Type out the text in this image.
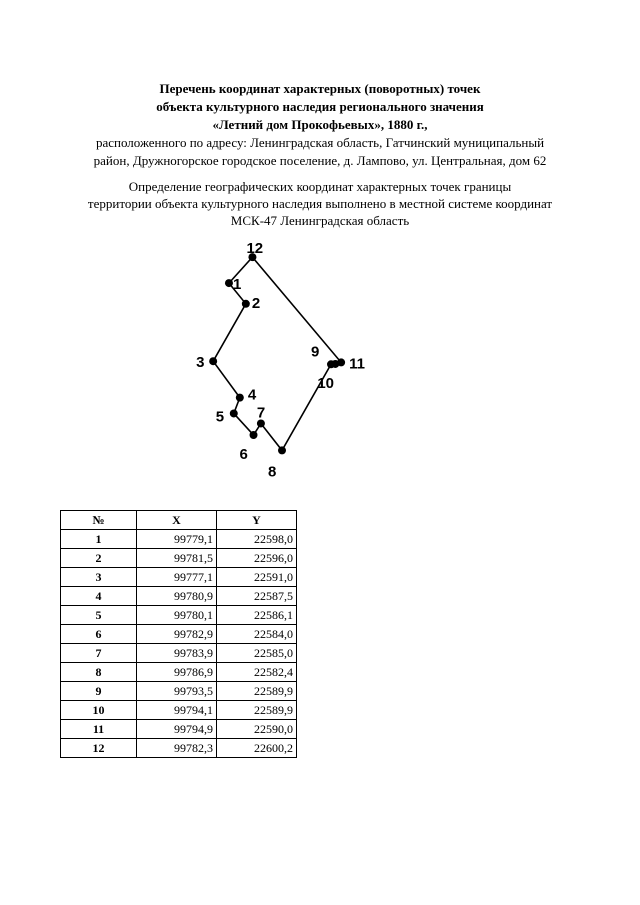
Перечень координат характерных (поворотных) точек
объекта культурного наследия регионального значения
«Летний дом Прокофьевых», 1880 г.,
расположенного по адресу: Ленинградская область, Гатчинский муниципальный
район, Дружногорское городское поселение, д. Лампово, ул. Центральная, дом 62
Определение географических координат характерных точек границы
территории объекта культурного наследия выполнено в местной системе координат
МСК-47 Ленинградская область
1
2
3
4
5
6
7
8
9
10
11
12
№	X	Y
1	99779,1	22598,0
2	99781,5	22596,0
3	99777,1	22591,0
4	99780,9	22587,5
5	99780,1	22586,1
6	99782,9	22584,0
7	99783,9	22585,0
8	99786,9	22582,4
9	99793,5	22589,9
10	99794,1	22589,9
11	99794,9	22590,0
12	99782,3	22600,2
